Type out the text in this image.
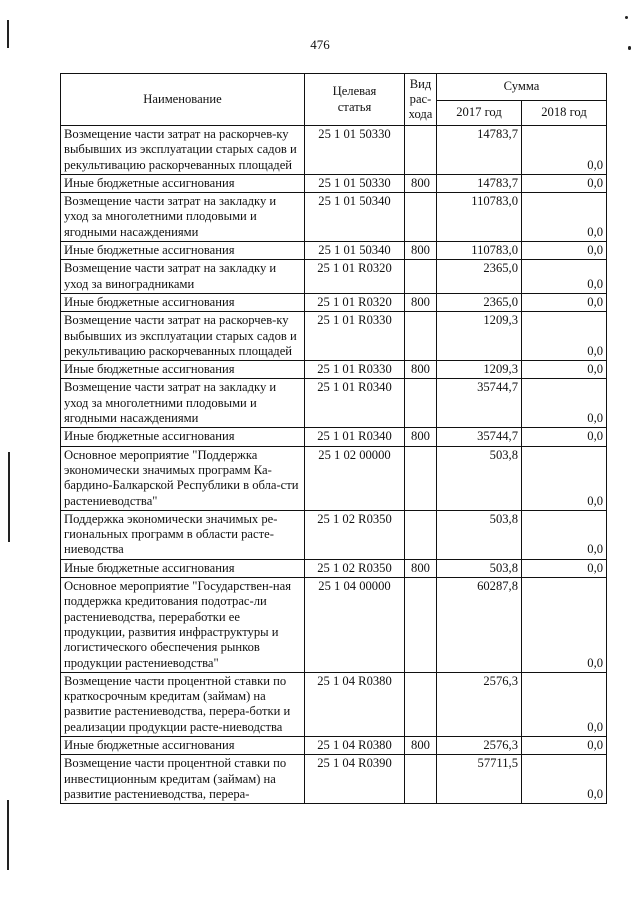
476
Наименование	Целевая статья	Вид рас-хода	Сумма	
			2017 год	2018 год
Возмещение части затрат на раскорчев-ку выбывших из эксплуатации старых садов и рекультивацию раскорчеванных площадей	25 1 01 50330		14783,7	0,0
Иные бюджетные ассигнования	25 1 01 50330	800	14783,7	0,0
Возмещение части затрат на закладку и уход за многолетними плодовыми и ягодными насаждениями	25 1 01 50340		110783,0	0,0
Иные бюджетные ассигнования	25 1 01 50340	800	110783,0	0,0
Возмещение части затрат на закладку и уход за виноградниками	25 1 01 R0320		2365,0	0,0
Иные бюджетные ассигнования	25 1 01 R0320	800	2365,0	0,0
Возмещение части затрат на раскорчев-ку выбывших из эксплуатации старых садов и рекультивацию раскорчеванных площадей	25 1 01 R0330		1209,3	0,0
Иные бюджетные ассигнования	25 1 01 R0330	800	1209,3	0,0
Возмещение части затрат на закладку и уход за многолетними плодовыми и ягодными насаждениями	25 1 01 R0340		35744,7	0,0
Иные бюджетные ассигнования	25 1 01 R0340	800	35744,7	0,0
Основное мероприятие "Поддержка экономически значимых программ Ка-бардино-Балкарской Республики в обла-сти растениеводства"	25 1 02 00000		503,8	0,0
Поддержка экономически значимых ре-гиональных программ в области расте-ниеводства	25 1 02 R0350		503,8	0,0
Иные бюджетные ассигнования	25 1 02 R0350	800	503,8	0,0
Основное мероприятие "Государствен-ная поддержка кредитования подотрас-ли растениеводства, переработки ее продукции, развития инфраструктуры и логистического обеспечения рынков продукции растениеводства"	25 1 04 00000		60287,8	0,0
Возмещение части процентной ставки по краткосрочным кредитам (займам) на развитие растениеводства, перера-ботки и реализации продукции расте-ниеводства	25 1 04 R0380		2576,3	0,0
Иные бюджетные ассигнования	25 1 04 R0380	800	2576,3	0,0
Возмещение части процентной ставки по инвестиционным кредитам (займам) на развитие растениеводства, перера-	25 1 04 R0390		57711,5	0,0
